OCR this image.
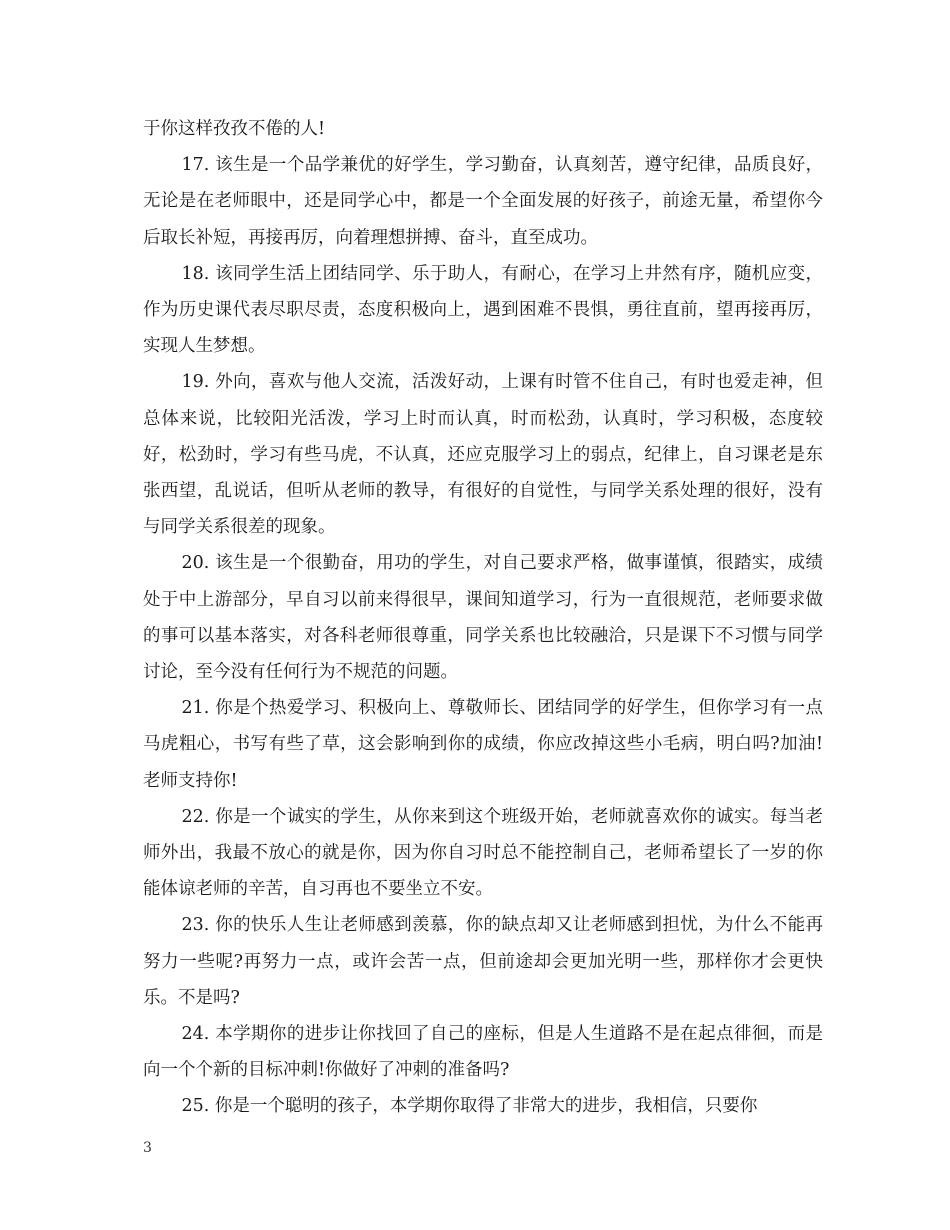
于你这样孜孜不倦的人!

17. 该生是一个品学兼优的好学生，学习勤奋，认真刻苦，遵守纪律，品质良好，无论是在老师眼中，还是同学心中，都是一个全面发展的好孩子，前途无量，希望你今后取长补短，再接再厉，向着理想拼搏、奋斗，直至成功。

18. 该同学生活上团结同学、乐于助人，有耐心，在学习上井然有序，随机应变，作为历史课代表尽职尽责，态度积极向上，遇到困难不畏惧，勇往直前，望再接再厉，实现人生梦想。

19. 外向，喜欢与他人交流，活泼好动，上课有时管不住自己，有时也爱走神，但总体来说，比较阳光活泼，学习上时而认真，时而松劲，认真时，学习积极，态度较好，松劲时，学习有些马虎，不认真，还应克服学习上的弱点，纪律上，自习课老是东张西望，乱说话，但听从老师的教导，有很好的自觉性，与同学关系处理的很好，没有与同学关系很差的现象。

20. 该生是一个很勤奋，用功的学生，对自己要求严格，做事谨慎，很踏实，成绩处于中上游部分，早自习以前来得很早，课间知道学习，行为一直很规范，老师要求做的事可以基本落实，对各科老师很尊重，同学关系也比较融洽，只是课下不习惯与同学讨论，至今没有任何行为不规范的问题。

21. 你是个热爱学习、积极向上、尊敬师长、团结同学的好学生，但你学习有一点马虎粗心，书写有些了草，这会影响到你的成绩，你应改掉这些小毛病，明白吗?加油!老师支持你!

22. 你是一个诚实的学生，从你来到这个班级开始，老师就喜欢你的诚实。每当老师外出，我最不放心的就是你，因为你自习时总不能控制自己，老师希望长了一岁的你能体谅老师的辛苦，自习再也不要坐立不安。

23. 你的快乐人生让老师感到羡慕，你的缺点却又让老师感到担忧，为什么不能再努力一些呢?再努力一点，或许会苦一点，但前途却会更加光明一些，那样你才会更快乐。不是吗?

24. 本学期你的进步让你找回了自己的座标，但是人生道路不是在起点徘徊，而是向一个个新的目标冲刺!你做好了冲刺的准备吗?

25. 你是一个聪明的孩子，本学期你取得了非常大的进步，我相信，只要你

3
